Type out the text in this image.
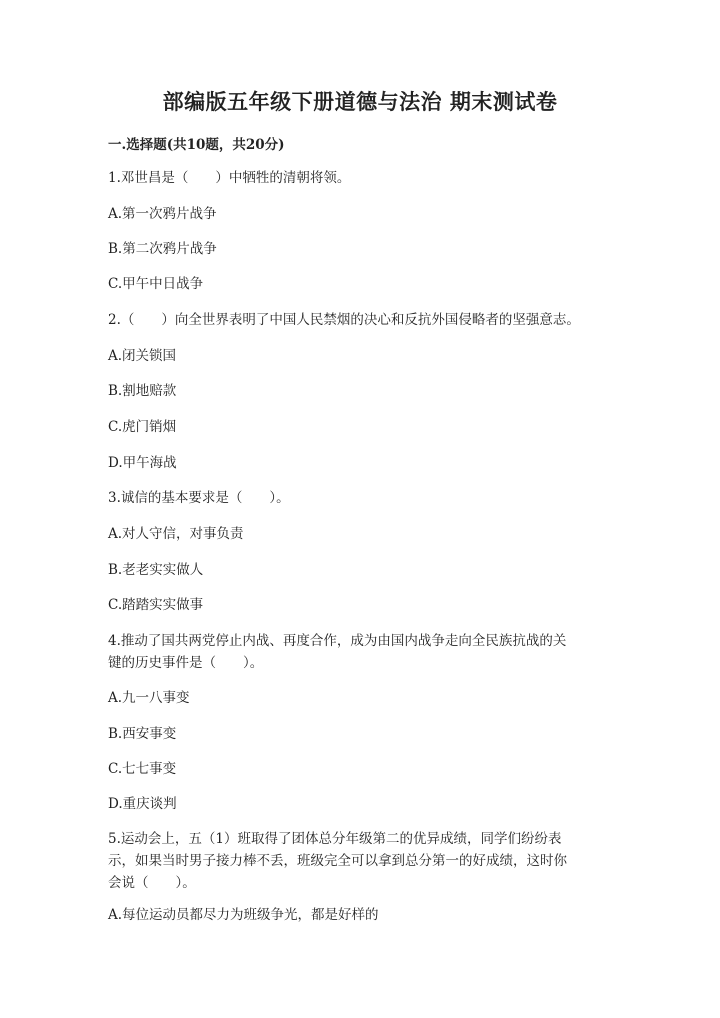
部编版五年级下册道德与法治 期末测试卷
一.选择题(共10题，共20分)
1.邓世昌是（　　）中牺牲的清朝将领。
A.第一次鸦片战争
B.第二次鸦片战争
C.甲午中日战争
2.（　　）向全世界表明了中国人民禁烟的决心和反抗外国侵略者的坚强意志。
A.闭关锁国
B.割地赔款
C.虎门销烟
D.甲午海战
3.诚信的基本要求是（　　）。
A.对人守信，对事负责
B.老老实实做人
C.踏踏实实做事
4.推动了国共两党停止内战、再度合作，成为由国内战争走向全民族抗战的关
键的历史事件是（　　）。
A.九一八事变
B.西安事变
C.七七事变
D.重庆谈判
5.运动会上，五（1）班取得了团体总分年级第二的优异成绩，同学们纷纷表
示，如果当时男子接力棒不丢，班级完全可以拿到总分第一的好成绩，这时你
会说（　　）。
A.每位运动员都尽力为班级争光，都是好样的
